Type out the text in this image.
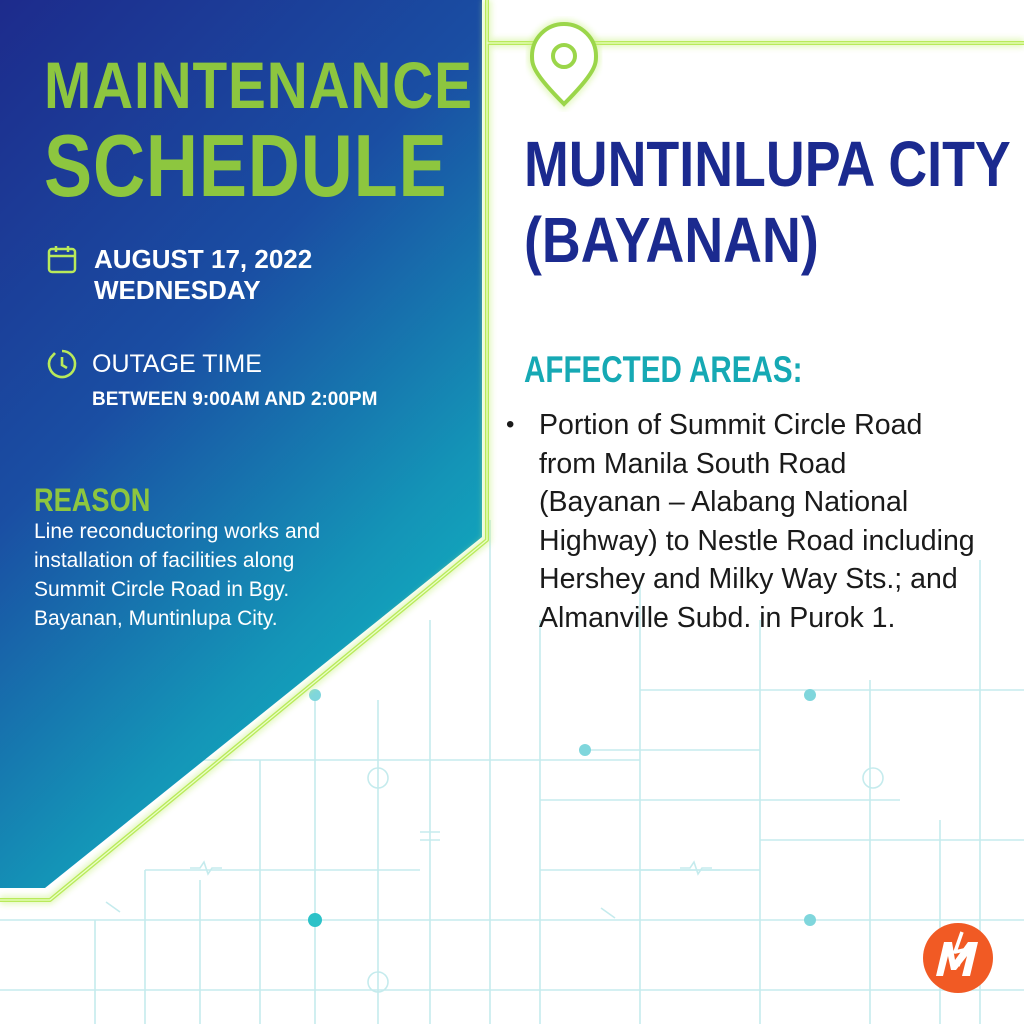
MAINTENANCE
SCHEDULE
AUGUST 17, 2022
WEDNESDAY
OUTAGE TIME
BETWEEN 9:00AM AND 2:00PM
REASON

Line reconductoring works and installation of facilities along Summit Circle Road in Bgy. Bayanan, Muntinlupa City.

MUNTINLUPA CITY
(BAYANAN)
AFFECTED AREAS:
• Portion of Summit Circle Road from Manila South Road (Bayanan – Alabang National Highway) to Nestle Road including Hershey and Milky Way Sts.; and Almanville Subd. in Purok 1.
